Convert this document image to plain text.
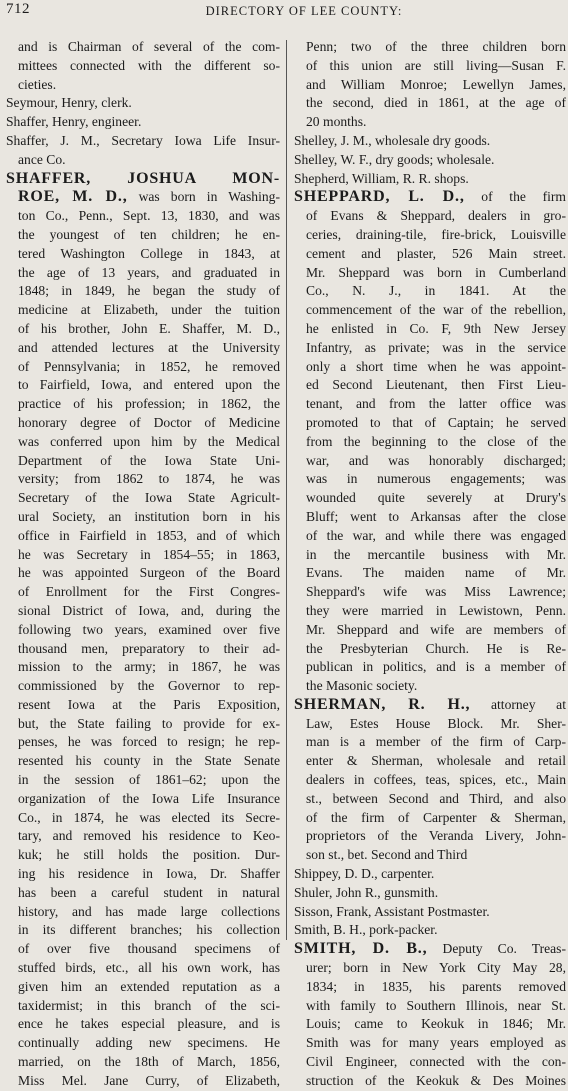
712	DIRECTORY OF LEE COUNTY:

and is Chairman of several of the com-

mittees connected with the different so-

cieties.

Seymour, Henry, clerk.

Shaffer, Henry, engineer.

Shaffer, J. M., Secretary Iowa Life Insur-

ance Co.

SHAFFER, JOSHUA MON-

ROE, M. D., was born in Washing-

ton Co., Penn., Sept. 13, 1830, and was

the youngest of ten children; he en-

tered Washington College in 1843, at

the age of 13 years, and graduated in

1848; in 1849, he began the study of

medicine at Elizabeth, under the tuition

of his brother, John E. Shaffer, M. D.,

and attended lectures at the University

of Pennsylvania; in 1852, he removed

to Fairfield, Iowa, and entered upon the

practice of his profession; in 1862, the

honorary degree of Doctor of Medicine

was conferred upon him by the Medical

Department of the Iowa State Uni-

versity; from 1862 to 1874, he was

Secretary of the Iowa State Agricult-

ural Society, an institution born in his

office in Fairfield in 1853, and of which

he was Secretary in 1854–55; in 1863,

he was appointed Surgeon of the Board

of Enrollment for the First Congres-

sional District of Iowa, and, during the

following two years, examined over five

thousand men, preparatory to their ad-

mission to the army; in 1867, he was

commissioned by the Governor to rep-

resent Iowa at the Paris Exposition,

but, the State failing to provide for ex-

penses, he was forced to resign; he rep-

resented his county in the State Senate

in the session of 1861–62; upon the

organization of the Iowa Life Insurance

Co., in 1874, he was elected its Secre-

tary, and removed his residence to Keo-

kuk; he still holds the position. Dur-

ing his residence in Iowa, Dr. Shaffer

has been a careful student in natural

history, and has made large collections

in its different branches; his collection

of over five thousand specimens of

stuffed birds, etc., all his own work, has

given him an extended reputation as a

taxidermist; in this branch of the sci-

ence he takes especial pleasure, and is

continually adding new specimens. He

married, on the 18th of March, 1856,

Miss Mel. Jane Curry, of Elizabeth,

Penn; two of the three children born

of this union are still living—Susan F.

and William Monroe; Lewellyn James,

the second, died in 1861, at the age of

20 months.

Shelley, J. M., wholesale dry goods.

Shelley, W. F., dry goods; wholesale.

Shepherd, William, R. R. shops.

SHEPPARD, L. D., of the firm

of Evans & Sheppard, dealers in gro-

ceries, draining-tile, fire-brick, Louisville

cement and plaster, 526 Main street.

Mr. Sheppard was born in Cumberland

Co., N. J., in 1841. At the

commencement of the war of the rebellion,

he enlisted in Co. F, 9th New Jersey

Infantry, as private; was in the service

only a short time when he was appoint-

ed Second Lieutenant, then First Lieu-

tenant, and from the latter office was

promoted to that of Captain; he served

from the beginning to the close of the

war, and was honorably discharged;

was in numerous engagements; was

wounded quite severely at Drury's

Bluff; went to Arkansas after the close

of the war, and while there was engaged

in the mercantile business with Mr.

Evans. The maiden name of Mr.

Sheppard's wife was Miss Lawrence;

they were married in Lewistown, Penn.

Mr. Sheppard and wife are members of

the Presbyterian Church. He is Re-

publican in politics, and is a member of

the Masonic society.

SHERMAN, R. H., attorney at

Law, Estes House Block. Mr. Sher-

man is a member of the firm of Carp-

enter & Sherman, wholesale and retail

dealers in coffees, teas, spices, etc., Main

st., between Second and Third, and also

of the firm of Carpenter & Sherman,

proprietors of the Veranda Livery, John-

son st., bet. Second and Third

Shippey, D. D., carpenter.

Shuler, John R., gunsmith.

Sisson, Frank, Assistant Postmaster.

Smith, B. H., pork-packer.

SMITH, D. B., Deputy Co. Treas-

urer; born in New York City May 28,

1834; in 1835, his parents removed

with family to Southern Illinois, near St.

Louis; came to Keokuk in 1846; Mr.

Smith was for many years employed as

Civil Engineer, connected with the con-

struction of the Keokuk & Des Moines
